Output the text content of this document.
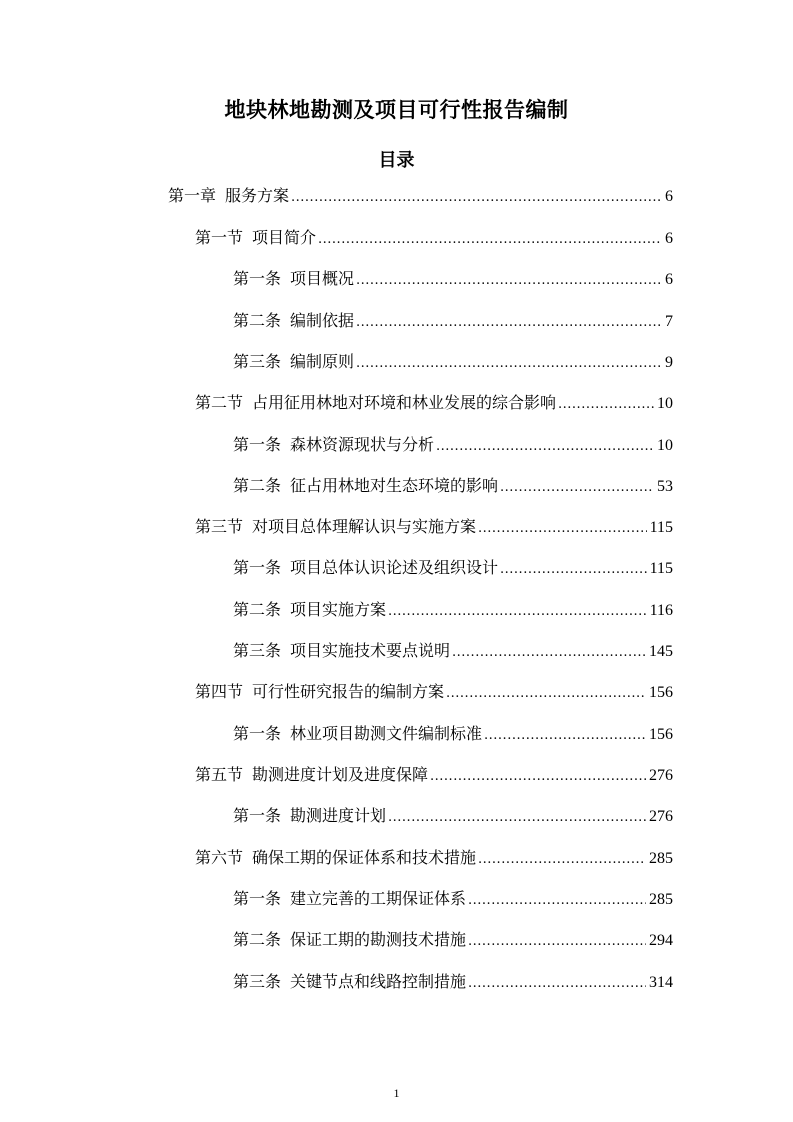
地块林地勘测及项目可行性报告编制
目录
第一章 服务方案 .....	6
第一节 项目简介 .....	6
第一条 项目概况 .....	6
第二条 编制依据 .....	7
第三条 编制原则 .....	9
第二节 占用征用林地对环境和林业发展的综合影响 .....	10
第一条 森林资源现状与分析 .....	10
第二条 征占用林地对生态环境的影响 .....	53
第三节 对项目总体理解认识与实施方案 .....	115
第一条 项目总体认识论述及组织设计 .....	115
第二条 项目实施方案 .....	116
第三条 项目实施技术要点说明 .....	145
第四节 可行性研究报告的编制方案 .....	156
第一条 林业项目勘测文件编制标准 .....	156
第五节 勘测进度计划及进度保障 .....	276
第一条 勘测进度计划 .....	276
第六节 确保工期的保证体系和技术措施 .....	285
第一条 建立完善的工期保证体系 .....	285
第二条 保证工期的勘测技术措施 .....	294
第三条 关键节点和线路控制措施 .....	314
1
